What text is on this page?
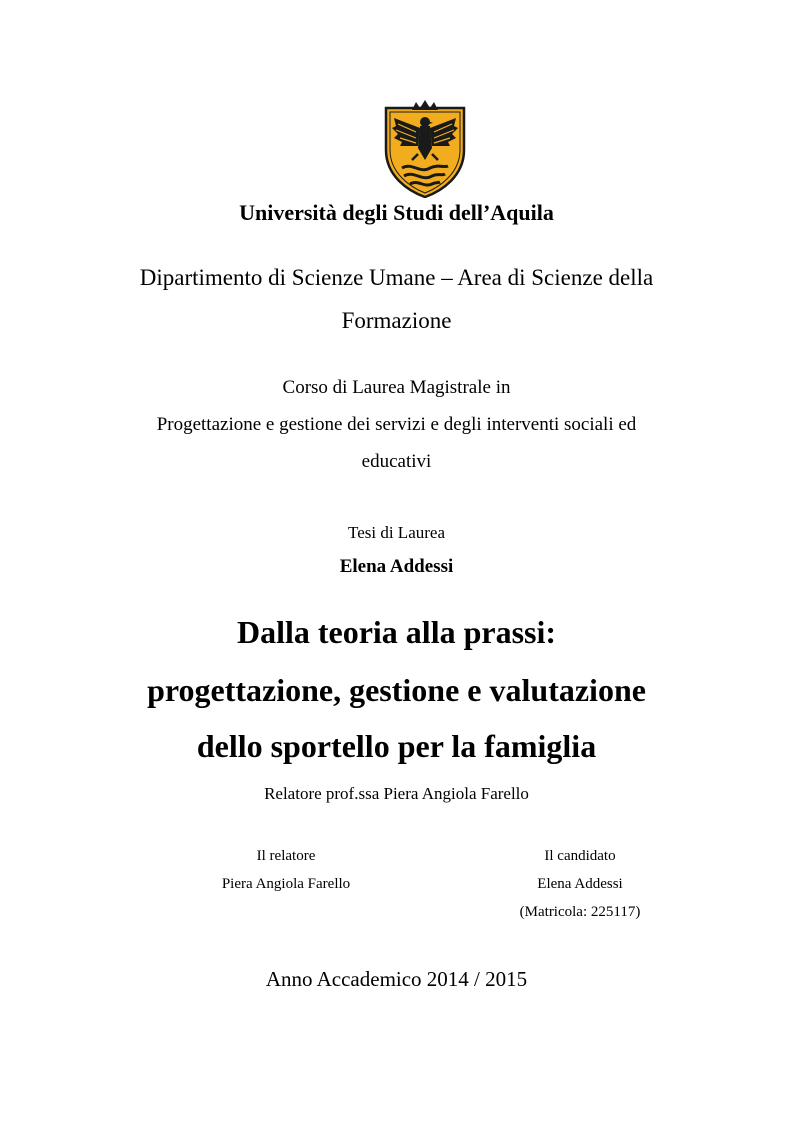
Università degli Studi dell’Aquila
Dipartimento di Scienze Umane – Area di Scienze della
Formazione
Corso di Laurea Magistrale in
Progettazione e gestione dei servizi e degli interventi sociali ed
educativi
Tesi di Laurea
Elena Addessi
Dalla teoria alla prassi:
progettazione, gestione e valutazione
dello sportello per la famiglia
Relatore prof.ssa Piera Angiola Farello
Il relatore
Piera Angiola Farello
Il candidato
Elena Addessi
(Matricola: 225117)
Anno Accademico 2014 / 2015
